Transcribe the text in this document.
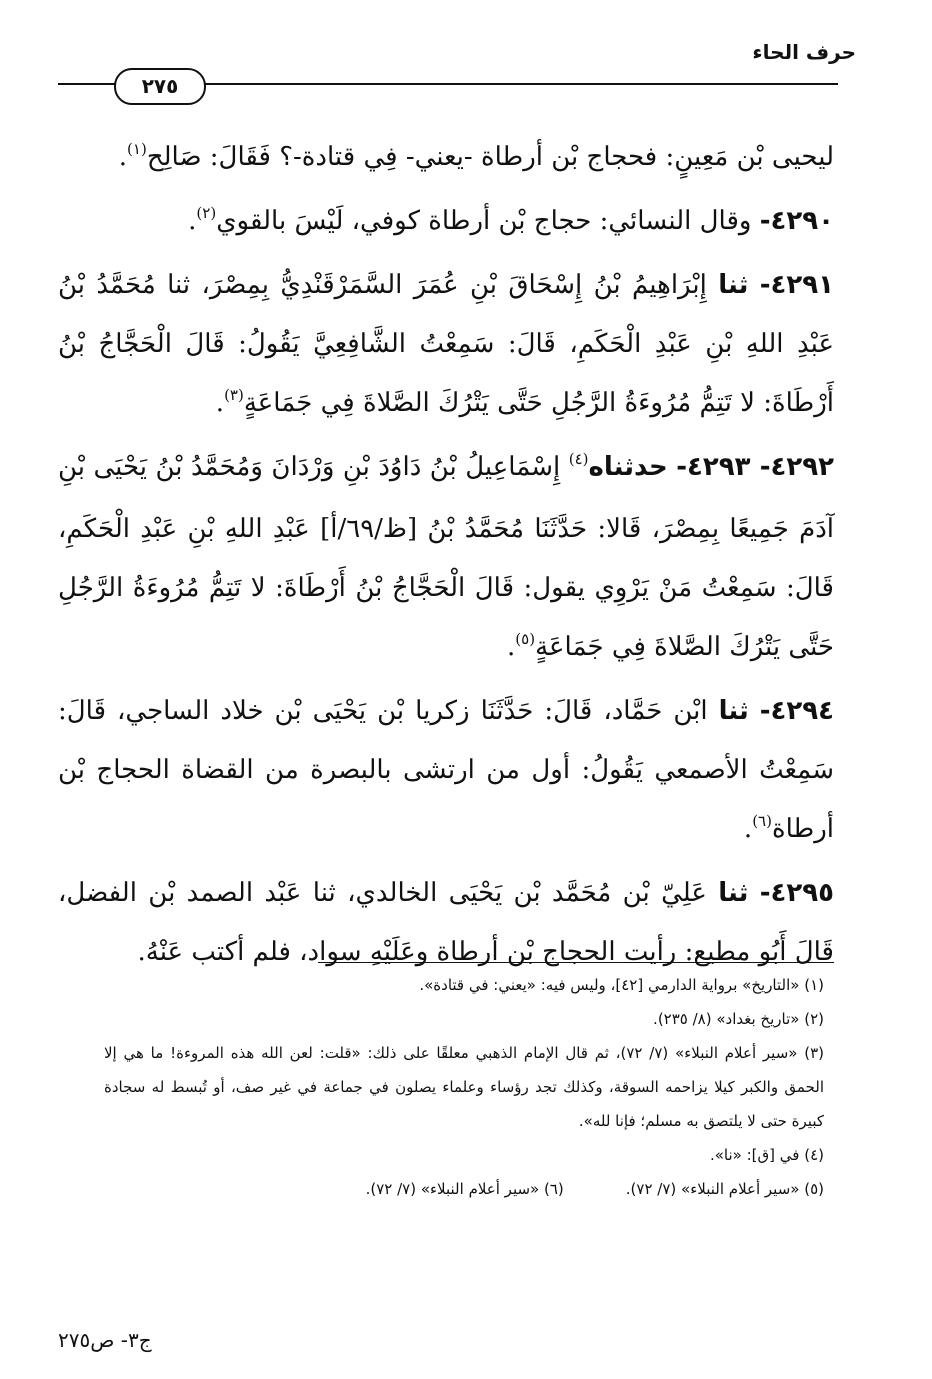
حرف الحاء
٢٧٥

ليحيى بْن مَعِينٍ: فحجاج بْن أرطاة -يعني- فِي قتادة-؟ فَقَالَ: صَالِح$^{(١)}$.

٤٢٩٠- وقال النسائي: حجاج بْن أرطاة كوفي، لَيْسَ بالقوي$^{(٢)}$.

٤٢٩١- ثنا إِبْرَاهِيمُ بْنُ إِسْحَاقَ بْنِ عُمَرَ السَّمَرْقَنْدِيُّ بِمِصْرَ، ثنا مُحَمَّدُ بْنُ عَبْدِ اللهِ بْنِ عَبْدِ الْحَكَمِ، قَالَ: سَمِعْتُ الشَّافِعِيَّ يَقُولُ: قَالَ الْحَجَّاجُ بْنُ أَرْطَاةَ: لا تَتِمُّ مُرُوءَةُ الرَّجُلِ حَتَّى يَتْرُكَ الصَّلاةَ فِي جَمَاعَةٍ$^{(٣)}$.

٤٢٩٢- ٤٢٩٣- حدثناه$^{(٤)}$ إِسْمَاعِيلُ بْنُ دَاوُدَ بْنِ وَرْدَانَ وَمُحَمَّدُ بْنُ يَحْيَى بْنِ آدَمَ جَمِيعًا بِمِصْرَ، قَالا: حَدَّثَنَا مُحَمَّدُ بْنُ [ظ/٦٩/أ] عَبْدِ اللهِ بْنِ عَبْدِ الْحَكَمِ، قَالَ: سَمِعْتُ مَنْ يَرْوِي يقول: قَالَ الْحَجَّاجُ بْنُ أَرْطَاةَ: لا تَتِمُّ مُرُوءَةُ الرَّجُلِ حَتَّى يَتْرُكَ الصَّلاةَ فِي جَمَاعَةٍ$^{(٥)}$.

٤٢٩٤- ثنا ابْن حَمَّاد، قَالَ: حَدَّثَنَا زكريا بْن يَحْيَى بْن خلاد الساجي، قَالَ: سَمِعْتُ الأصمعي يَقُولُ: أول من ارتشى بالبصرة من القضاة الحجاج بْن أرطاة$^{(٦)}$.

٤٢٩٥- ثنا عَلِيّ بْن مُحَمَّد بْن يَحْيَى الخالدي، ثنا عَبْد الصمد بْن الفضل، قَالَ أَبُو مطيع: رأيت الحجاج بْن أرطاة وعَلَيْهِ سواد، فلم أكتب عَنْهُ.

(١) «التاريخ» برواية الدارمي [٤٢]، وليس فيه: «يعني: في قتادة».

(٢) «تاريخ بغداد» (٨/ ٢٣٥).

(٣) «سير أعلام النبلاء» (٧/ ٧٢)، ثم قال الإمام الذهبي معلقًا على ذلك: «قلت: لعن الله هذه المروءة! ما هي إلا الحمق والكبر كيلا يزاحمه السوقة، وكذلك تجد رؤساء وعلماء يصلون في جماعة في غير صف، أو تُبسط له سجادة كبيرة حتى لا يلتصق به مسلم؛ فإنا لله».

(٤) في [ق]: «نا».

(٥) «سير أعلام النبلاء» (٧/ ٧٢).
(٦) «سير أعلام النبلاء» (٧/ ٧٢).
ج٣- ص٢٧٥
